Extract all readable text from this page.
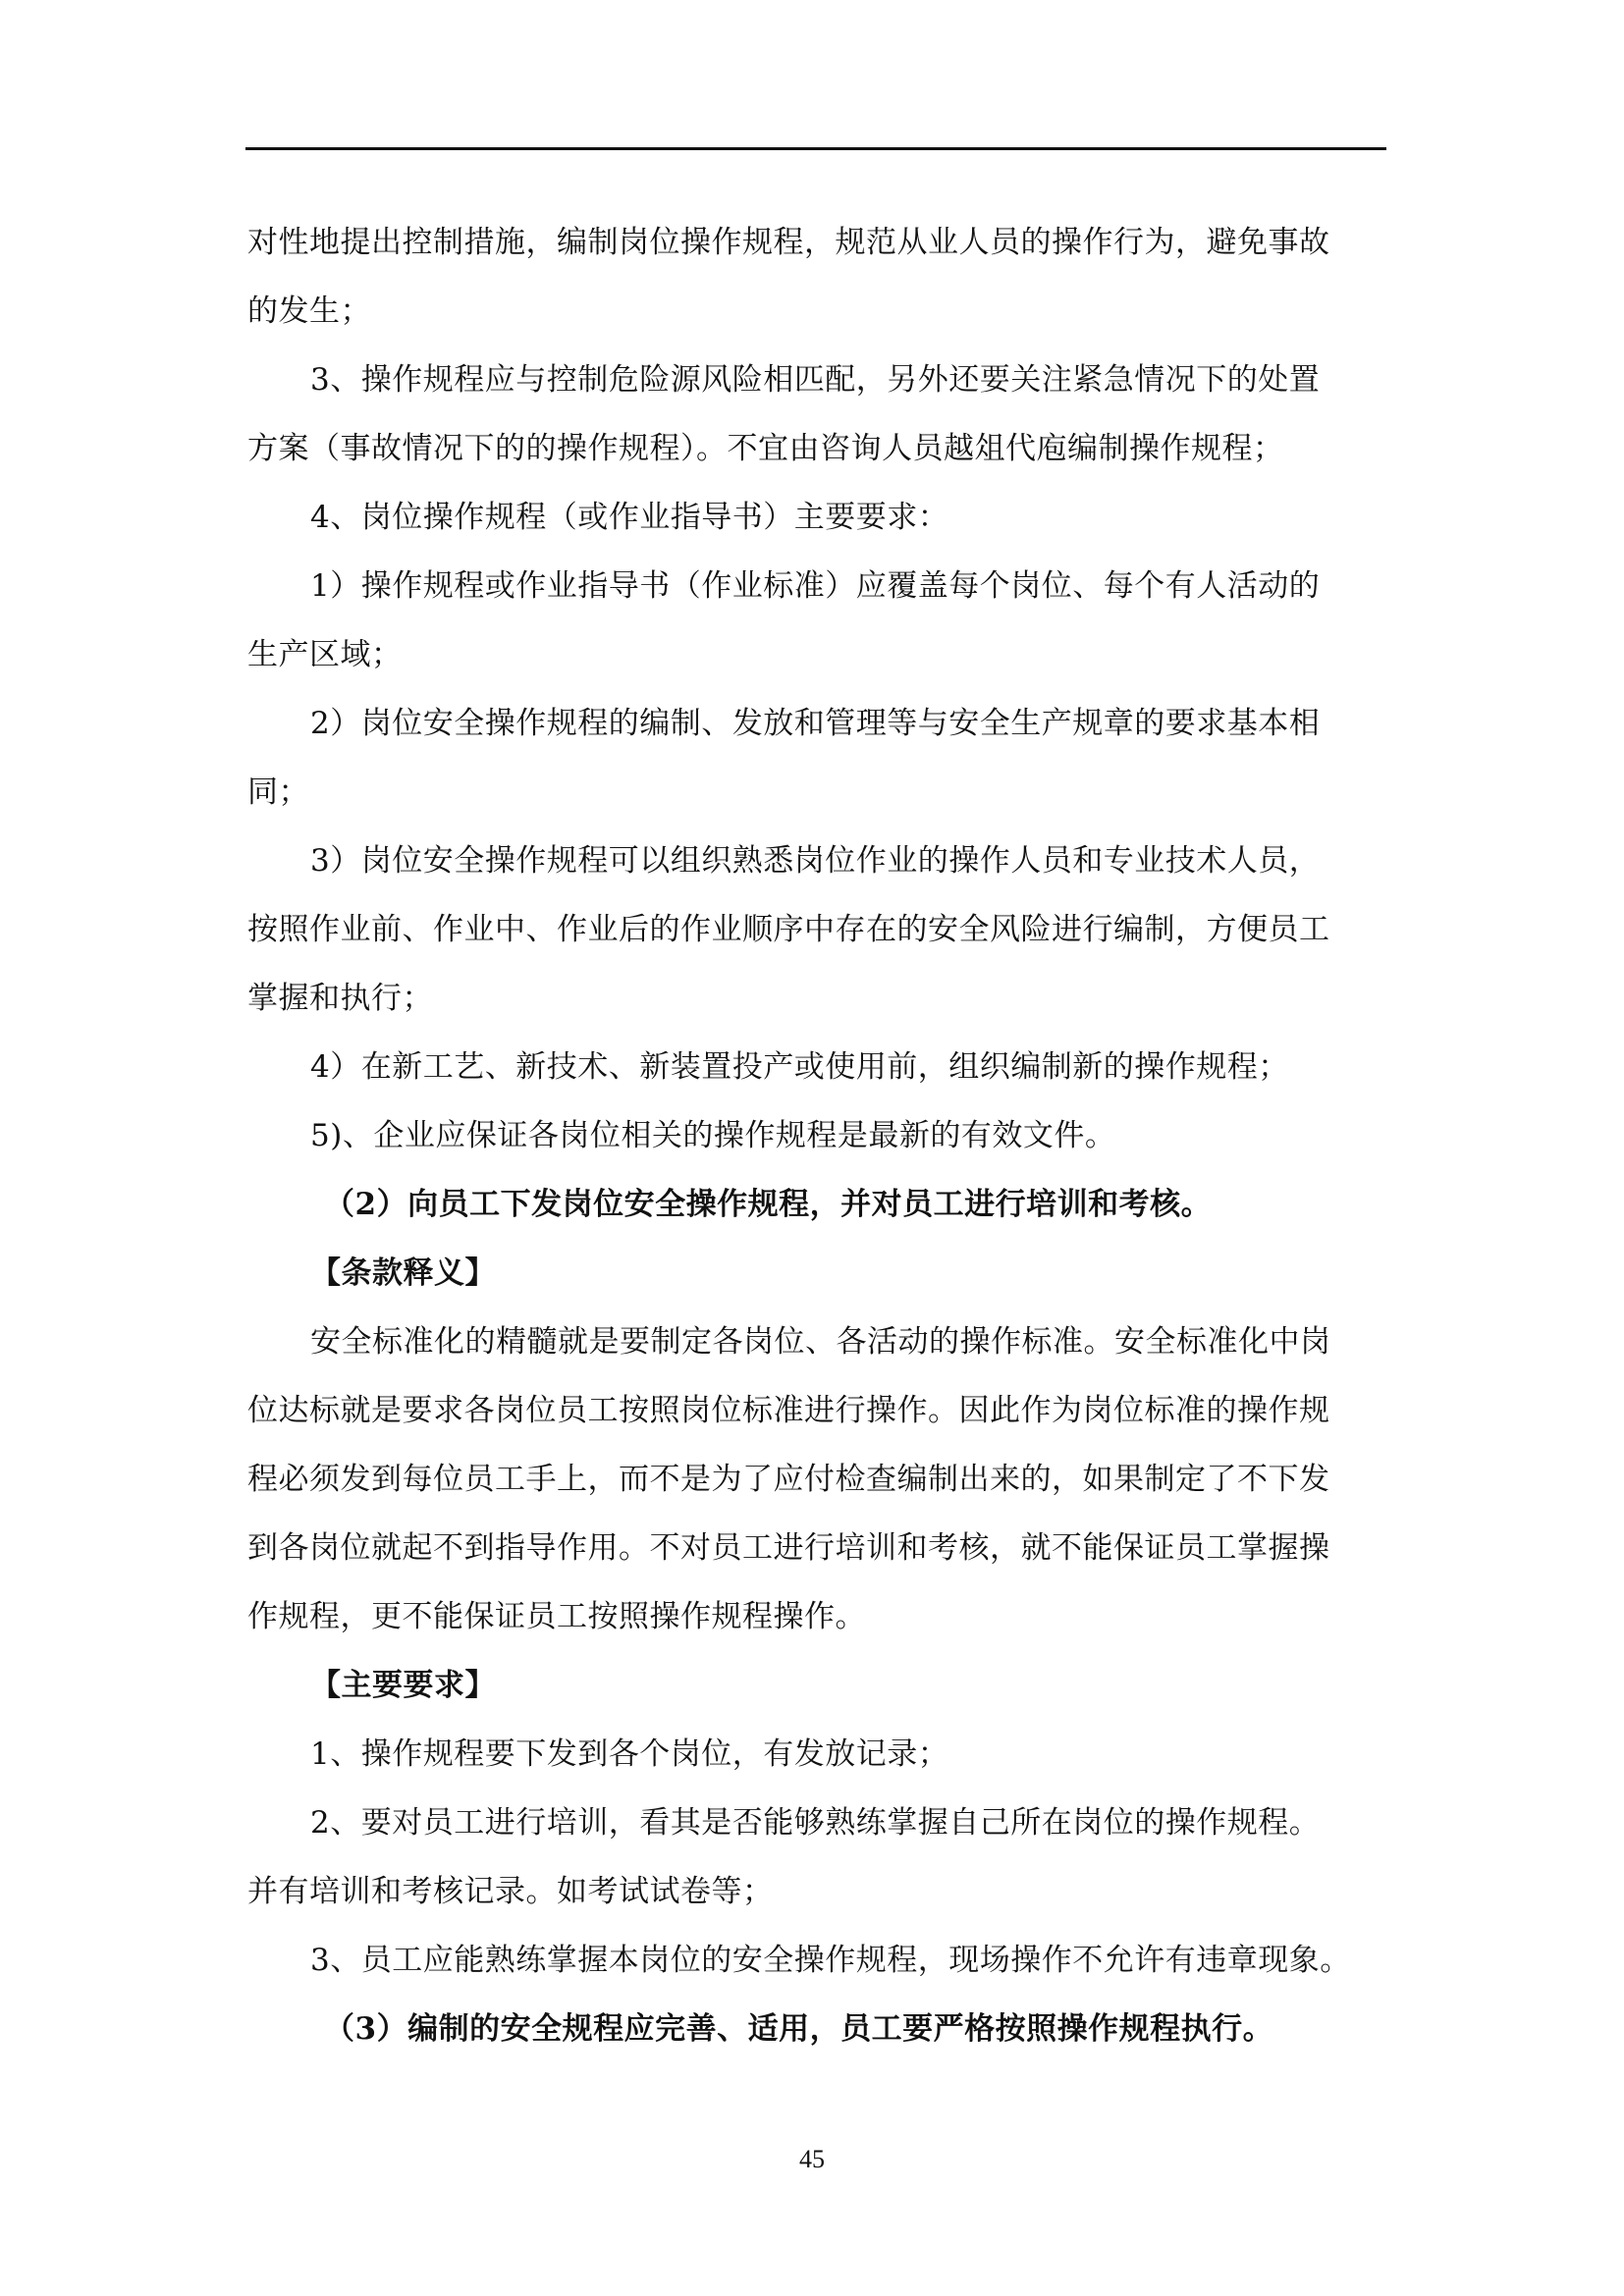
对性地提出控制措施，编制岗位操作规程，规范从业人员的操作行为，避免事故
的发生；
3、操作规程应与控制危险源风险相匹配，另外还要关注紧急情况下的处置
方案（事故情况下的的操作规程）。不宜由咨询人员越俎代庖编制操作规程；
4、岗位操作规程（或作业指导书）主要要求：
1）操作规程或作业指导书（作业标准）应覆盖每个岗位、每个有人活动的
生产区域；
2）岗位安全操作规程的编制、发放和管理等与安全生产规章的要求基本相
同；
3）岗位安全操作规程可以组织熟悉岗位作业的操作人员和专业技术人员，
按照作业前、作业中、作业后的作业顺序中存在的安全风险进行编制，方便员工
掌握和执行；
4）在新工艺、新技术、新装置投产或使用前，组织编制新的操作规程；
5)、企业应保证各岗位相关的操作规程是最新的有效文件。
（2）向员工下发岗位安全操作规程，并对员工进行培训和考核。
【条款释义】
安全标准化的精髓就是要制定各岗位、各活动的操作标准。安全标准化中岗
位达标就是要求各岗位员工按照岗位标准进行操作。因此作为岗位标准的操作规
程必须发到每位员工手上，而不是为了应付检查编制出来的，如果制定了不下发
到各岗位就起不到指导作用。不对员工进行培训和考核，就不能保证员工掌握操
作规程，更不能保证员工按照操作规程操作。
【主要要求】
1、操作规程要下发到各个岗位，有发放记录；
2、要对员工进行培训，看其是否能够熟练掌握自己所在岗位的操作规程。
并有培训和考核记录。如考试试卷等；
3、员工应能熟练掌握本岗位的安全操作规程，现场操作不允许有违章现象。
（3）编制的安全规程应完善、适用，员工要严格按照操作规程执行。
45
